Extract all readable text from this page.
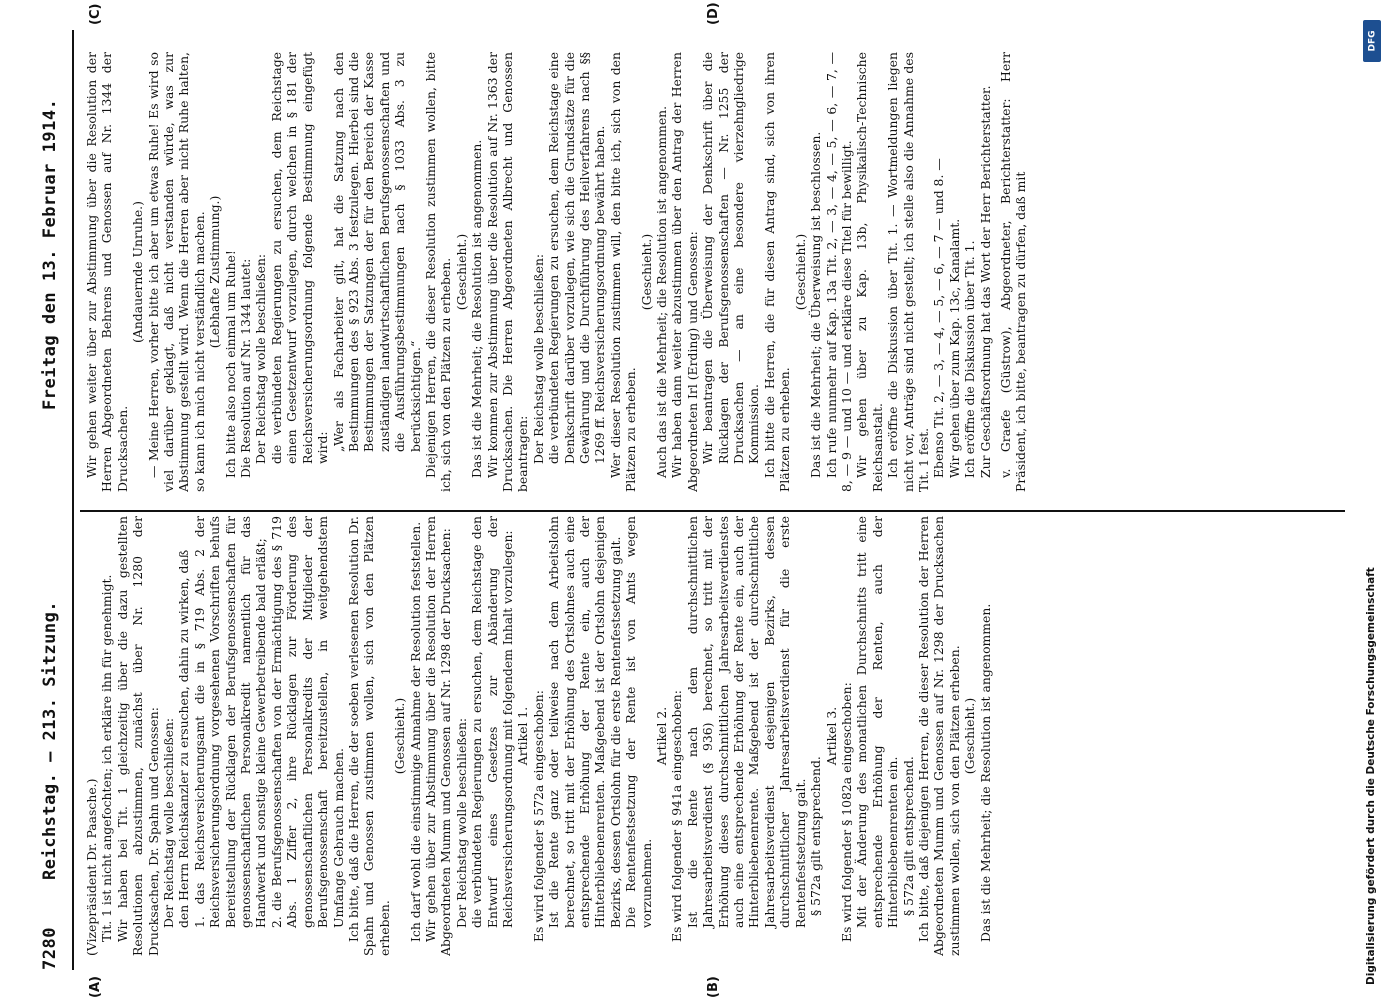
7280
Reichstag. — 213. Sitzung.
Freitag den 13. Februar 1914.
(A)	(B)
(C)	(D)

(Vizepräsident Dr. Paasche.) Tit. 1 ist nicht angefochten; ich erkläre ihn für genehmigt. Wir haben bei Tit. 1 gleichzeitig über die dazu gestellten Resolutionen abzustimmen, zunächst über Nr. 1280 der Drucksachen, Dr. Spahn und Genossen: Der Reichstag wolle beschließen: den Herrn Reichskanzler zu ersuchen, dahin zu wirken, daß 1. das Reichsversicherungsamt die in § 719 Abs. 2 der Reichsversicherungsordnung vorgesehenen Vorschriften behufs Bereitstellung der Rücklagen der Berufsgenossenschaften für genossenschaftlichen Personalkredit namentlich für das Handwerk und sonstige kleine Gewerbetreibende bald erläßt; 2. die Berufsgenossenschaften von der Ermächtigung des § 719 Abs. 1 Ziffer 2, ihre Rücklagen zur Förderung des genossenschaftlichen Personalkredits der Mitglieder der Berufsgenossenschaft bereitzustellen, in weitgehendstem Umfange Gebrauch machen. Ich bitte, daß die Herren, die der soeben verlesenen Resolution Dr. Spahn und Genossen zustimmen wollen, sich von den Plätzen erheben.

(Geschieht.) Ich darf wohl die einstimmige Annahme der Resolution feststellen. Wir gehen über zur Abstimmung über die Resolution der Herren Abgeordneten Mumm und Genossen auf Nr. 1298 der Drucksachen: Der Reichstag wolle beschließen: die verbündeten Regierungen zu ersuchen, dem Reichstage den Entwurf eines Gesetzes zur Abänderung der Reichsversicherungsordnung mit folgendem Inhalt vorzulegen: Artikel 1. Es wird folgender § 572a eingeschoben: Ist die Rente ganz oder teilweise nach dem Arbeitslohn berechnet, so tritt mit der Erhöhung des Ortslohnes auch eine entsprechende Erhöhung der Rente ein, auch der Hinterbliebenenrenten. Maßgebend ist der Ortslohn desjenigen Bezirks, dessen Ortslohn für die erste Rentenfestsetzung galt. Die Rentenfestsetzung der Rente ist von Amts wegen vorzunehmen.

Artikel 2. Es wird folgender § 941a eingeschoben: Ist die Rente nach dem durchschnittlichen Jahresarbeitsverdienst (§ 936) berechnet, so tritt mit der Erhöhung dieses durchschnittlichen Jahresarbeitsverdienstes auch eine entsprechende Erhöhung der Rente ein, auch der Hinterbliebenenrente. Maßgebend ist der durchschnittliche Jahresarbeitsverdienst desjenigen Bezirks, dessen durchschnittlicher Jahresarbeitsverdienst für die erste Rentenfestsetzung galt. § 572a gilt entsprechend.

Artikel 3. Es wird folgender § 1082a eingeschoben: Mit der Änderung des monatlichen Durchschnitts tritt eine entsprechende Erhöhung der Renten, auch der Hinterbliebenenrenten ein. § 572a gilt entsprechend. Ich bitte, daß diejenigen Herren, die dieser Resolution der Herren Abgeordneten Mumm und Genossen auf Nr. 1298 der Drucksachen zustimmen wollen, sich von den Plätzen erheben. (Geschieht.) Das ist die Mehrheit; die Resolution ist angenommen.

Wir gehen weiter über zur Abstimmung über die Resolution der Herren Abgeordneten Behrens und Genossen auf Nr. 1344 der Drucksachen.

(Andauernde Unruhe.) — Meine Herren, vorher bitte ich aber um etwas Ruhe! Es wird so viel darüber geklagt, daß nicht verstanden würde, was zur Abstimmung gestellt wird. Wenn die Herren aber nicht Ruhe halten, so kann ich mich nicht verständlich machen. (Lebhafte Zustimmung.) Ich bitte also noch einmal um Ruhe! Die Resolution auf Nr. 1344 lautet: Der Reichstag wolle beschließen: die verbündeten Regierungen zu ersuchen, dem Reichstage einen Gesetzentwurf vorzulegen, durch welchen in § 181 der Reichsversicherungsordnung folgende Bestimmung eingefügt wird: „Wer als Facharbeiter gilt, hat die Satzung nach den Bestimmungen des § 923 Abs. 3 festzulegen. Hierbei sind die Bestimmungen der Satzungen der für den Bereich der Kasse zuständigen landwirtschaftlichen Berufsgenossenschaften und die Ausführungsbestimmungen nach § 1033 Abs. 3 zu berücksichtigen.“ Diejenigen Herren, die dieser Resolution zustimmen wollen, bitte ich, sich von den Plätzen zu erheben. (Geschieht.) Das ist die Mehrheit; die Resolution ist angenommen. Wir kommen zur Abstimmung über die Resolution auf Nr. 1363 der Drucksachen. Die Herren Abgeordneten Albrecht und Genossen beantragen: Der Reichstag wolle beschließen: die verbündeten Regierungen zu ersuchen, dem Reichstage eine Denkschrift darüber vorzulegen, wie sich die Grundsätze für die Gewährung und die Durchführung des Heilverfahrens nach §§ 1269 ff. Reichsversicherungsordnung bewährt haben. Wer dieser Resolution zustimmen will, den bitte ich, sich von den Plätzen zu erheben.

(Geschieht.) Auch das ist die Mehrheit; die Resolution ist angenommen. Wir haben dann weiter abzustimmen über den Antrag der Herren Abgeordneten Irl (Erding) und Genossen: Wir beantragen die Überweisung der Denkschrift über die Rücklagen der Berufsgenossenschaften — Nr. 1255 der Drucksachen — an eine besondere vierzehngliedrige Kommission. Ich bitte die Herren, die für diesen Antrag sind, sich von ihren Plätzen zu erheben.

(Geschieht.) Das ist die Mehrheit; die Überweisung ist beschlossen. Ich rufe nunmehr auf Kap. 13a Tit. 2, — 3, — 4, — 5, — 6, — 7, — 8, — 9 — und 10 — und erkläre diese Titel für bewilligt. Wir gehen über zu Kap. 13b, Physikalisch-Technische Reichsanstalt. Ich eröffne die Diskussion über Tit. 1. — Wortmeldungen liegen nicht vor, Anträge sind nicht gestellt; ich stelle also die Annahme des Tit. 1 fest. Ebenso Tit. 2, — 3, — 4, — 5, — 6, — 7 — und 8. — Wir gehen über zum Kap. 13c, Kanalamt. Ich eröffne die Diskussion über Tit. 1. Zur Geschäftsordnung hat das Wort der Herr Berichterstatter. v. Graefe (Güstrow), Abgeordneter, Berichterstatter: Herr Präsident, ich bitte, beantragen zu dürfen, daß mit

DFG
Digitalisierung gefördert durch die Deutsche Forschungsgemeinschaft
